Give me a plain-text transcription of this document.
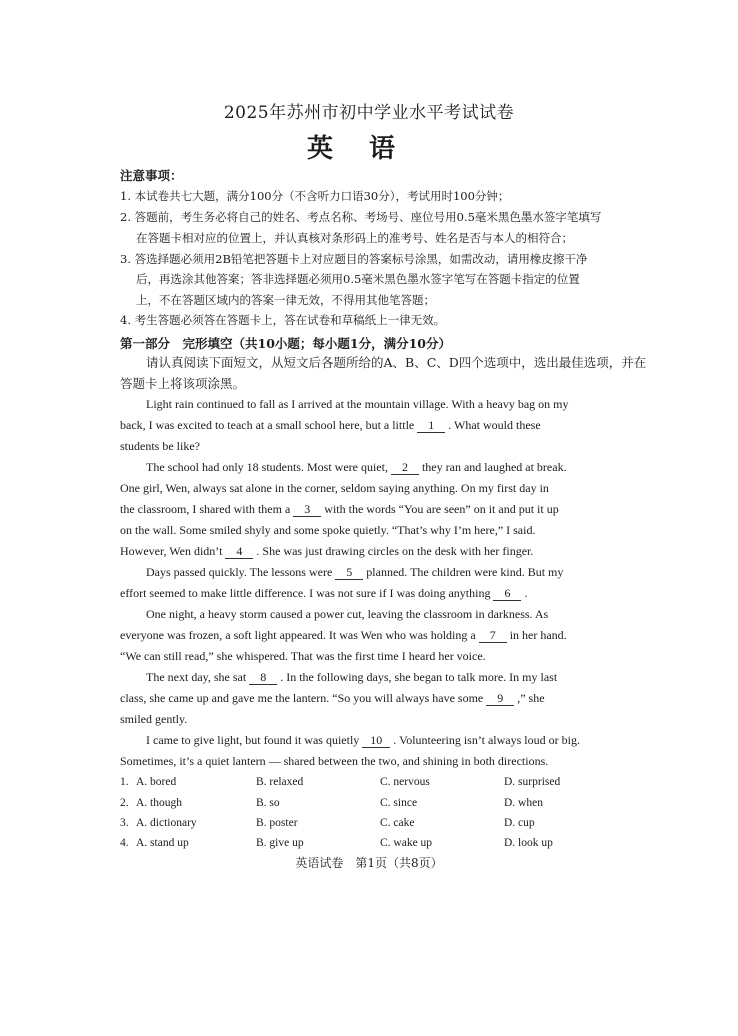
2025年苏州市初中学业水平考试试卷
英语
注意事项：
1. 本试卷共七大题，满分100分（不含听力口语30分），考试用时100分钟；
2. 答题前，考生务必将自己的姓名、考点名称、考场号、座位号用0.5毫米黑色墨水签字笔填写
在答题卡相对应的位置上，并认真核对条形码上的准考号、姓名是否与本人的相符合；
3. 答选择题必须用2B铅笔把答题卡上对应题目的答案标号涂黑，如需改动，请用橡皮擦干净
后，再选涂其他答案；答非选择题必须用0.5毫米黑色墨水签字笔写在答题卡指定的位置
上，不在答题区域内的答案一律无效，不得用其他笔答题；
4. 考生答题必须答在答题卡上，答在试卷和草稿纸上一律无效。
第一部分　完形填空（共10小题；每小题1分，满分10分）
请认真阅读下面短文，从短文后各题所给的A、B、C、D四个选项中，选出最佳选项，并在
答题卡上将该项涂黑。
Light rain continued to fall as I arrived at the mountain village. With a heavy bag on my
back, I was excited to teach at a small school here, but a little 1 . What would these
students be like?
The school had only 18 students. Most were quiet, 2 they ran and laughed at break.
One girl, Wen, always sat alone in the corner, seldom saying anything. On my first day in
the classroom, I shared with them a 3 with the words “You are seen” on it and put it up
on the wall. Some smiled shyly and some spoke quietly. “That’s why I’m here,” I said.
However, Wen didn’t 4 . She was just drawing circles on the desk with her finger.
Days passed quickly. The lessons were 5 planned. The children were kind. But my
effort seemed to make little difference. I was not sure if I was doing anything 6 .
One night, a heavy storm caused a power cut, leaving the classroom in darkness. As
everyone was frozen, a soft light appeared. It was Wen who was holding a 7 in her hand.
“We can still read,” she whispered. That was the first time I heard her voice.
The next day, she sat 8 . In the following days, she began to talk more. In my last
class, she came up and gave me the lantern. “So you will always have some 9 ,” she
smiled gently.
I came to give light, but found it was quietly 10 . Volunteering isn’t always loud or big.
Sometimes, it’s a quiet lantern — shared between the two, and shining in both directions.
1. A. bored	B. relaxed	C. nervous	D. surprised
2. A. though	B. so	C. since	D. when
3. A. dictionary	B. poster	C. cake	D. cup
4. A. stand up	B. give up	C. wake up	D. look up
英语试卷　第1页（共8页）
